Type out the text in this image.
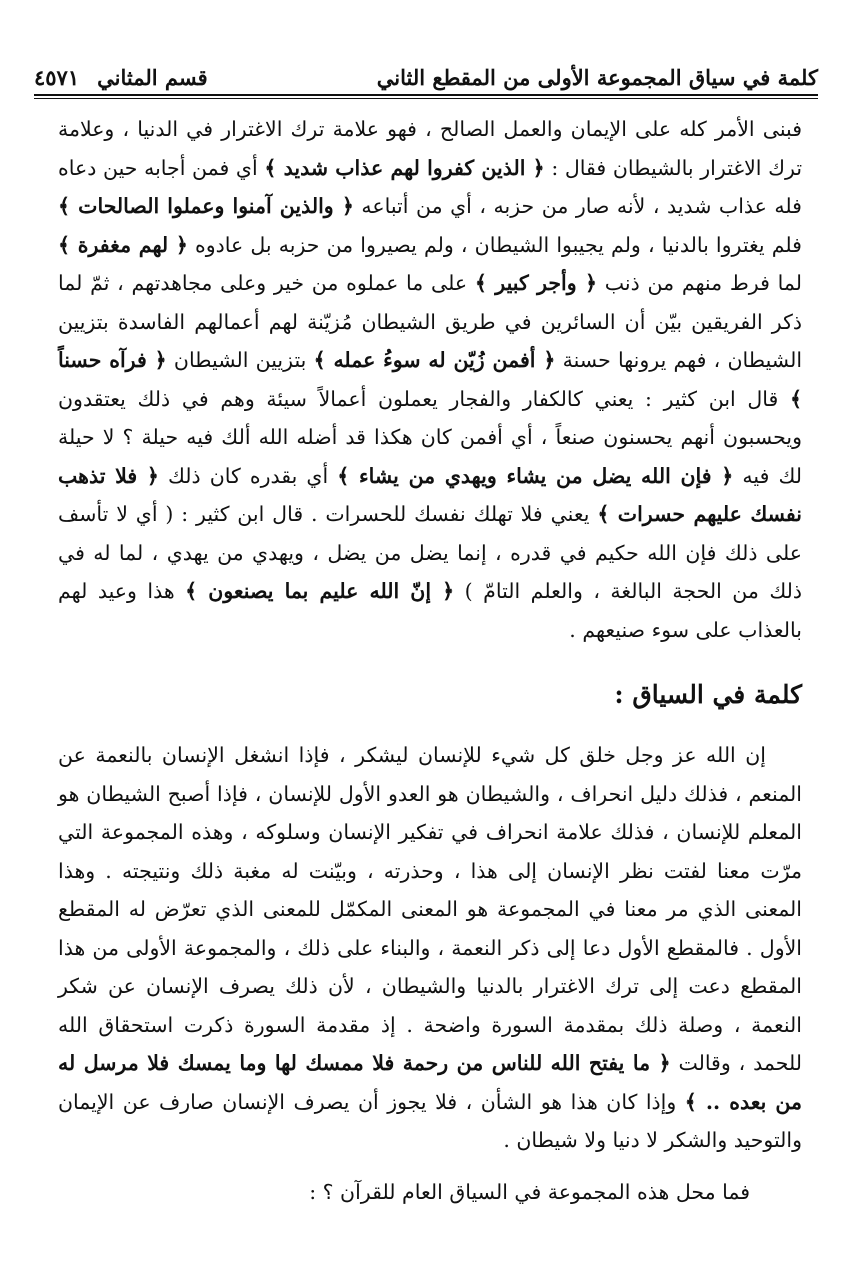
كلمة في سياق المجموعة الأولى من المقطع الثاني
قسم المثاني
٤٥٧١

فبنى الأمر كله على الإيمان والعمل الصالح ، فهو علامة ترك الاغترار في الدنيا ، وعلامة ترك الاغترار بالشيطان فقال : ﴿ الذين كفروا لهم عذاب شديد ﴾ أي فمن أجابه حين دعاه فله عذاب شديد ، لأنه صار من حزبه ، أي من أتباعه ﴿ والذين آمنوا وعملوا الصالحات ﴾ فلم يغتروا بالدنيا ، ولم يجيبوا الشيطان ، ولم يصيروا من حزبه بل عادوه ﴿ لهم مغفرة ﴾ لما فرط منهم من ذنب ﴿ وأجر كبير ﴾ على ما عملوه من خير وعلى مجاهدتهم ، ثمّ لما ذكر الفريقين بيّن أن السائرين في طريق الشيطان مُزيّنة لهم أعمالهم الفاسدة بتزيين الشيطان ، فهم يرونها حسنة ﴿ أفمن زُيّن له سوءُ عمله ﴾ بتزيين الشيطان ﴿ فرآه حسناً ﴾ قال ابن كثير : يعني كالكفار والفجار يعملون أعمالاً سيئة وهم في ذلك يعتقدون ويحسبون أنهم يحسنون صنعاً ، أي أفمن كان هكذا قد أضله الله ألك فيه حيلة ؟ لا حيلة لك فيه ﴿ فإن الله يضل من يشاء ويهدي من يشاء ﴾ أي بقدره كان ذلك ﴿ فلا تذهب نفسك عليهم حسرات ﴾ يعني فلا تهلك نفسك للحسرات . قال ابن كثير : ( أي لا تأسف على ذلك فإن الله حكيم في قدره ، إنما يضل من يضل ، ويهدي من يهدي ، لما له في ذلك من الحجة البالغة ، والعلم التامّ ) ﴿ إنّ الله عليم بما يصنعون ﴾ هذا وعيد لهم بالعذاب على سوء صنيعهم .

كلمة في السياق :

إن الله عز وجل خلق كل شيء للإنسان ليشكر ، فإذا انشغل الإنسان بالنعمة عن المنعم ، فذلك دليل انحراف ، والشيطان هو العدو الأول للإنسان ، فإذا أصبح الشيطان هو المعلم للإنسان ، فذلك علامة انحراف في تفكير الإنسان وسلوكه ، وهذه المجموعة التي مرّت معنا لفتت نظر الإنسان إلى هذا ، وحذرته ، وبيّنت له مغبة ذلك ونتيجته . وهذا المعنى الذي مر معنا في المجموعة هو المعنى المكمّل للمعنى الذي تعرّض له المقطع الأول . فالمقطع الأول دعا إلى ذكر النعمة ، والبناء على ذلك ، والمجموعة الأولى من هذا المقطع دعت إلى ترك الاغترار بالدنيا والشيطان ، لأن ذلك يصرف الإنسان عن شكر النعمة ، وصلة ذلك بمقدمة السورة واضحة . إذ مقدمة السورة ذكرت استحقاق الله للحمد ، وقالت ﴿ ما يفتح الله للناس من رحمة فلا ممسك لها وما يمسك فلا مرسل له من بعده .. ﴾ وإذا كان هذا هو الشأن ، فلا يجوز أن يصرف الإنسان صارف عن الإيمان والتوحيد والشكر لا دنيا ولا شيطان .

فما محل هذه المجموعة في السياق العام للقرآن ؟ :
